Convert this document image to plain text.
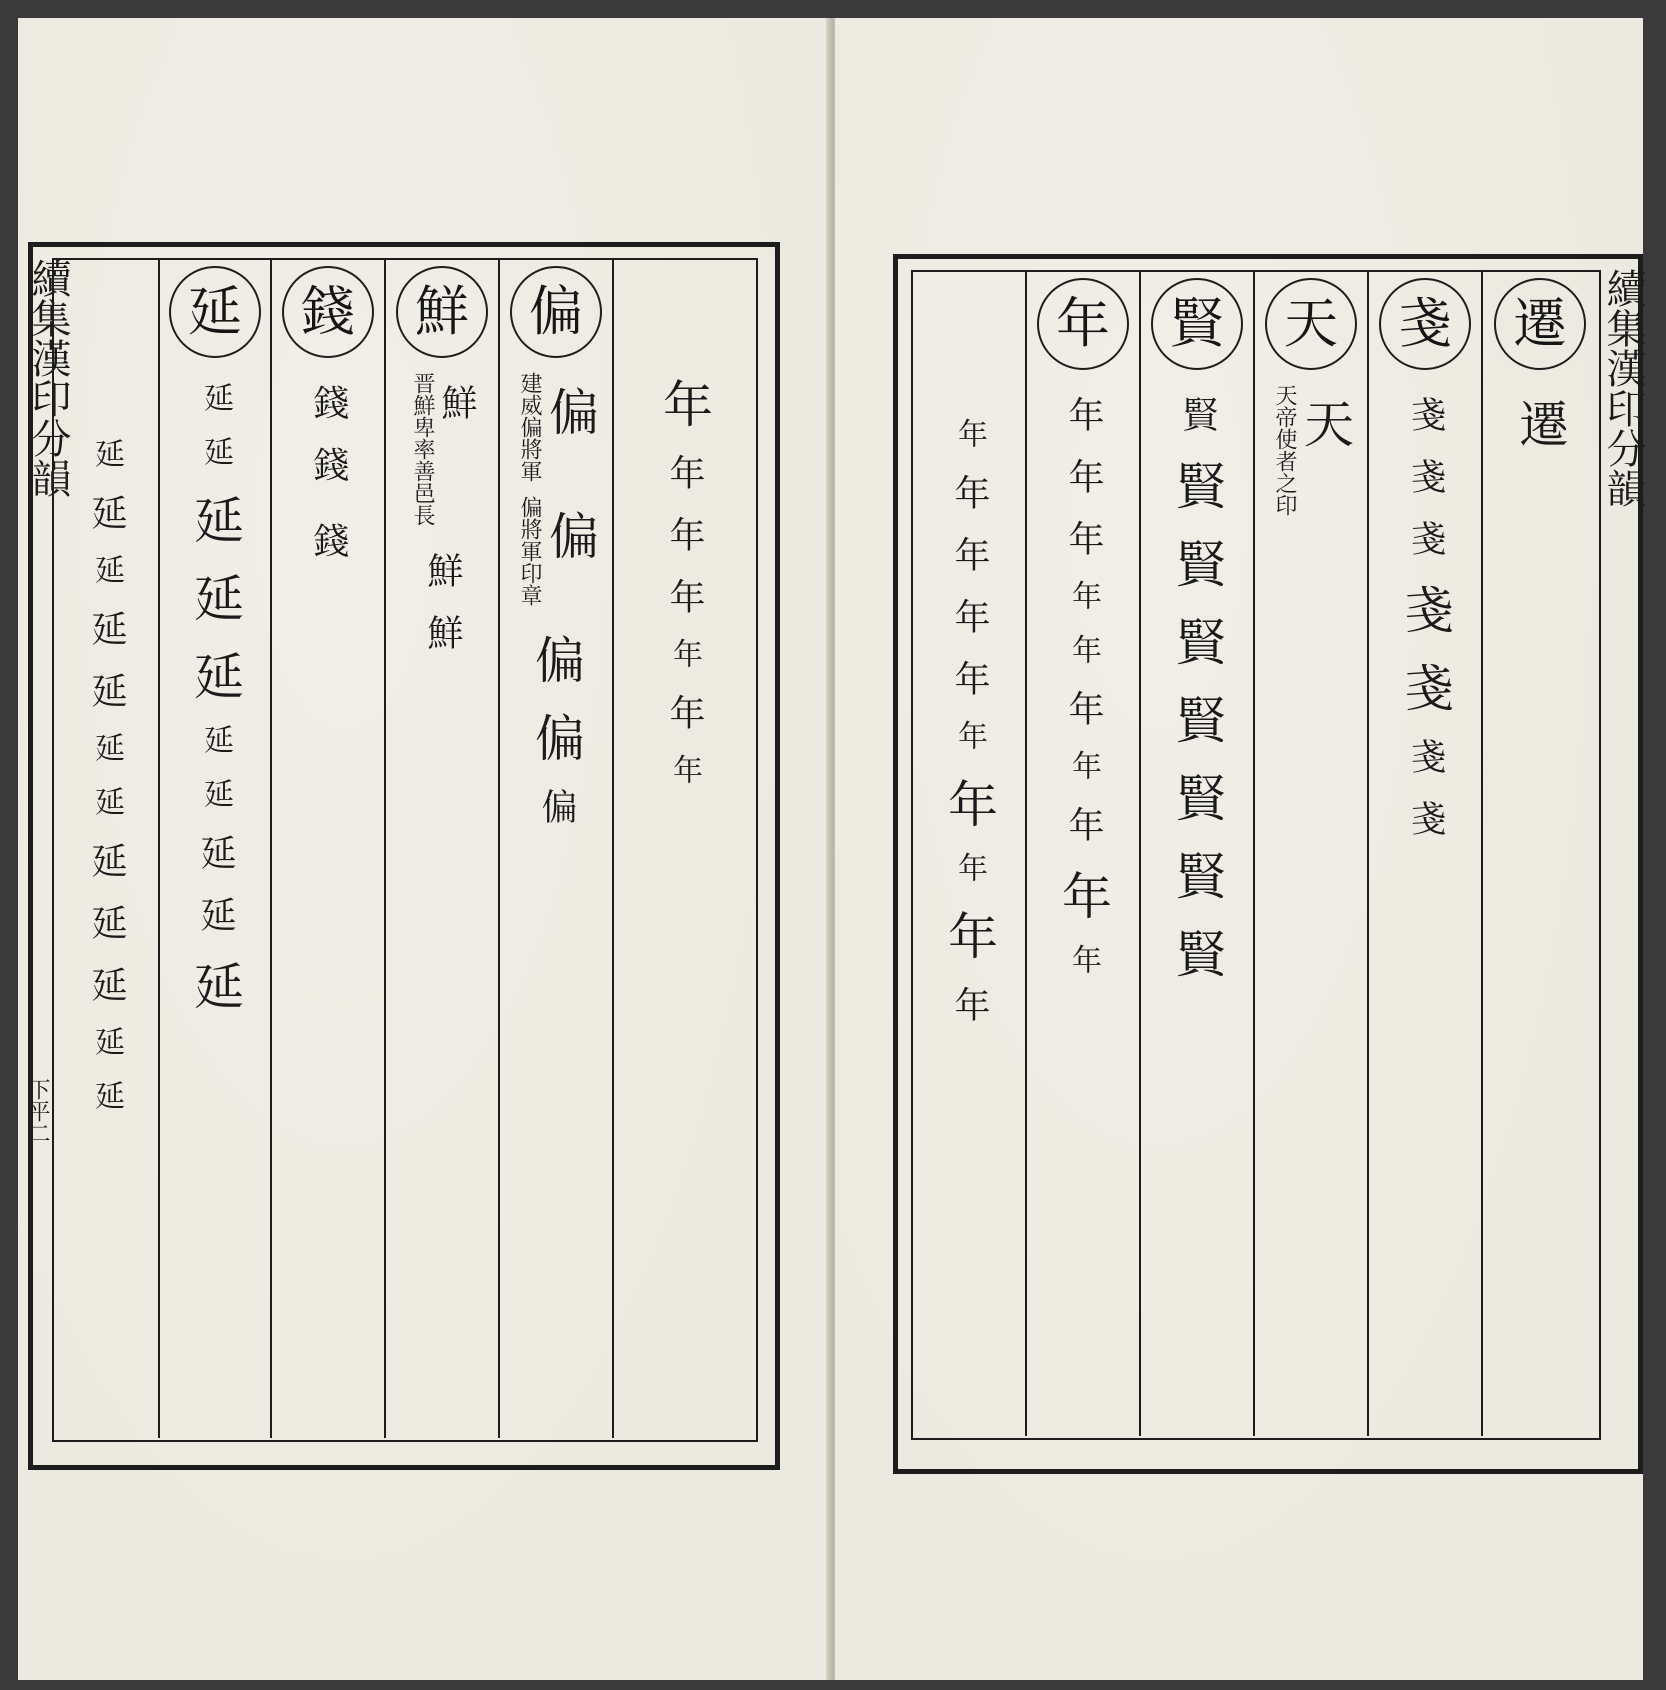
續集漢印分韻
下平二
年
年
年
年
年
年
年
偏
偏
建威偏將軍
偏
偏將軍印章
偏
偏
偏
鮮
鮮
晋鮮卑率善邑長
鮮
鮮
錢
錢
錢
錢
延
延
延
延
延
延
延
延
延
延
延
延
延
延
延
延
延
延
延
延
延
延
延
續集漢印分韻
遷
遷
戔
戔
戔
戔
戔
戔
戔
戔
天
天
天帝使者之印
賢
賢
賢
賢
賢
賢
賢
賢
賢
年
年
年
年
年
年
年
年
年
年
年
年
年
年
年
年
年
年
年
年
年
